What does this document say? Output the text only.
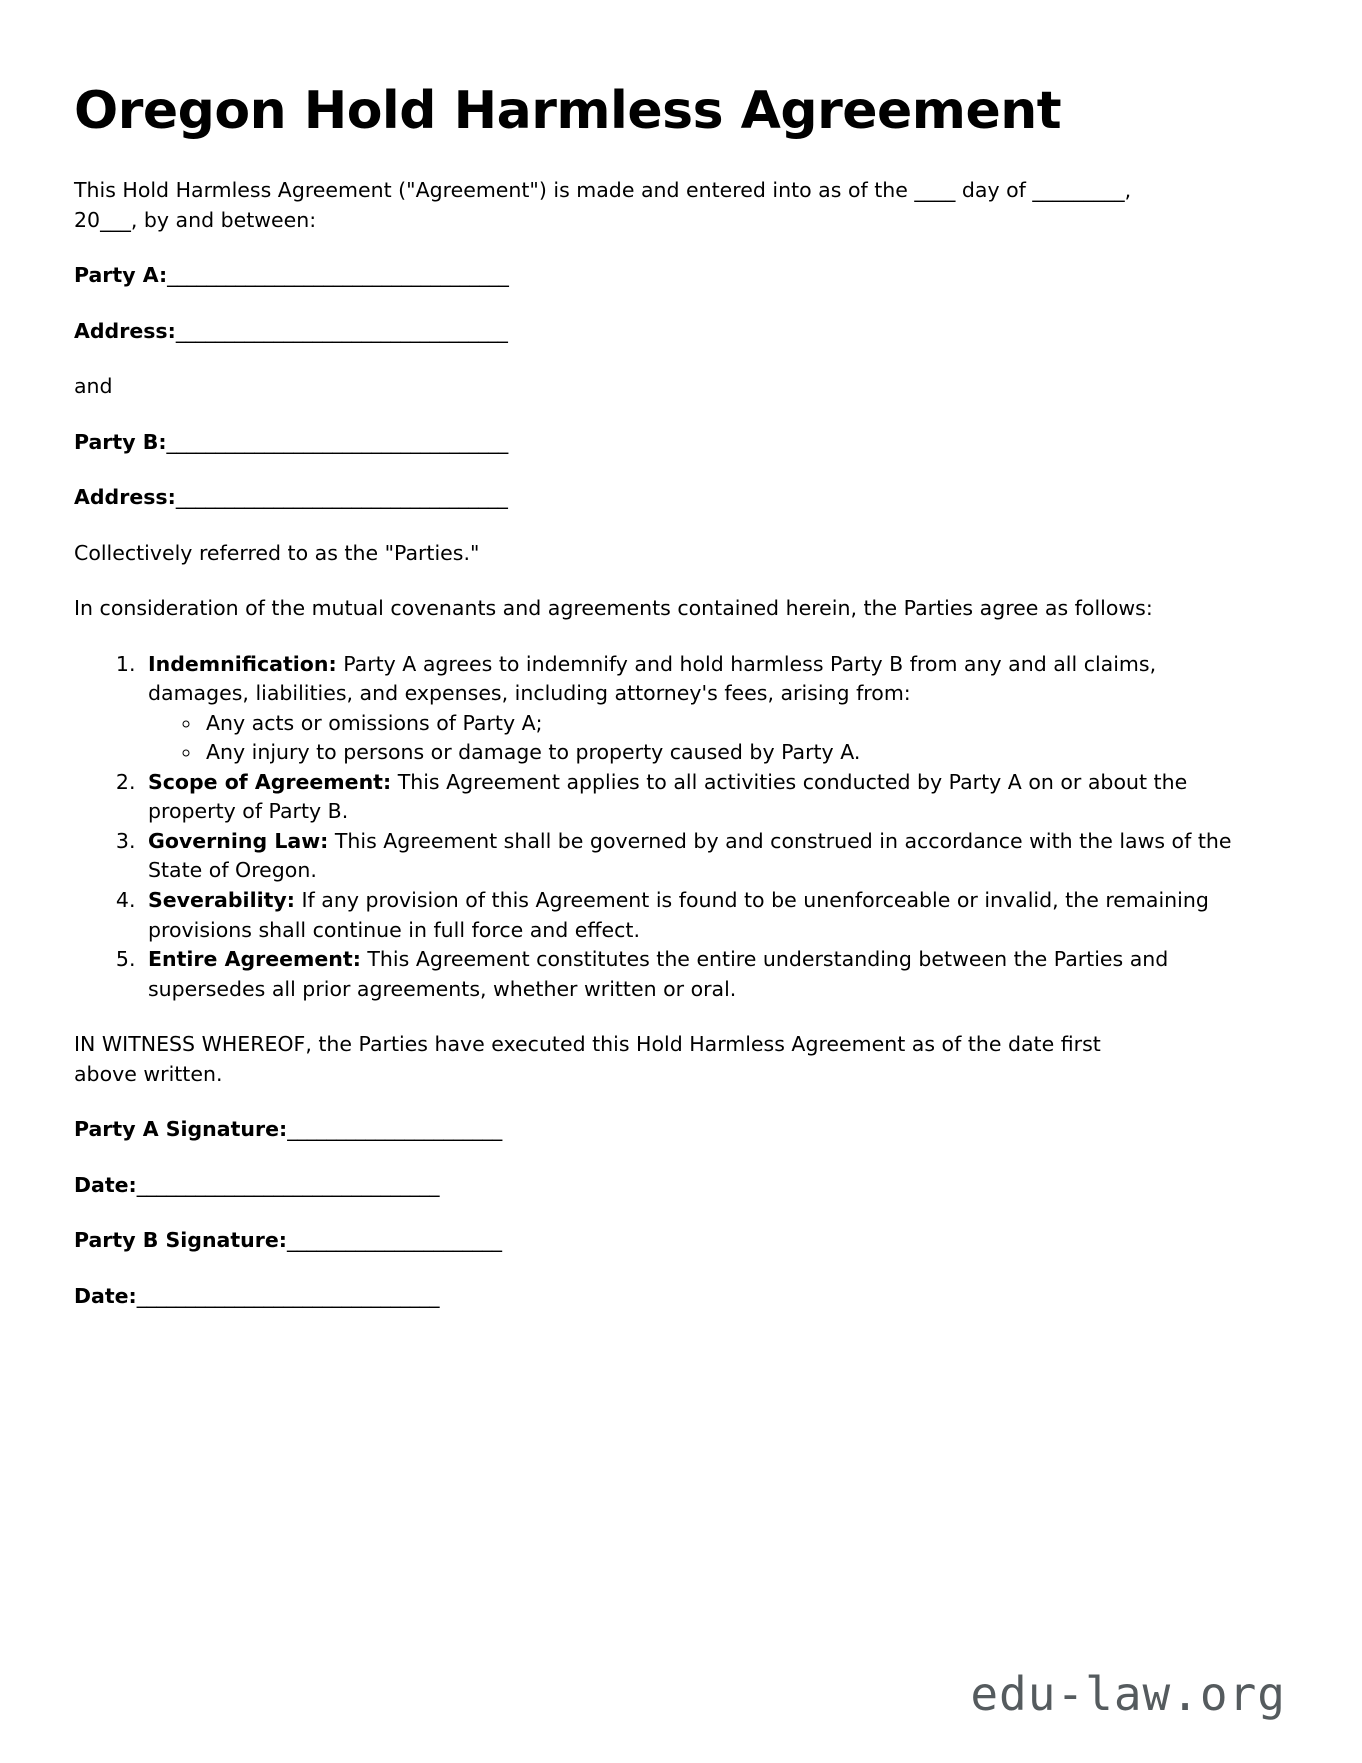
Oregon Hold Harmless Agreement

This Hold Harmless Agreement ("Agreement") is made and entered into as of the ____ day of _________, 20___, by and between:

Party A:___________________________________
Address:__________________________________
and
Party B:___________________________________
Address:__________________________________

Collectively referred to as the "Parties."

In consideration of the mutual covenants and agreements contained herein, the Parties agree as follows:

1. Indemnification: Party A agrees to indemnify and hold harmless Party B from any and all claims, damages, liabilities, and expenses, including attorney's fees, arising from:
◦ Any acts or omissions of Party A;
◦ Any injury to persons or damage to property caused by Party A.
2. Scope of Agreement: This Agreement applies to all activities conducted by Party A on or about the property of Party B.
3. Governing Law: This Agreement shall be governed by and construed in accordance with the laws of the State of Oregon.
4. Severability: If any provision of this Agreement is found to be unenforceable or invalid, the remaining provisions shall continue in full force and effect.
5. Entire Agreement: This Agreement constitutes the entire understanding between the Parties and supersedes all prior agreements, whether written or oral.

IN WITNESS WHEREOF, the Parties have executed this Hold Harmless Agreement as of the date first above written.

Party A Signature:______________________
Date:_______________________________
Party B Signature:______________________
Date:_______________________________
edu-law.org
